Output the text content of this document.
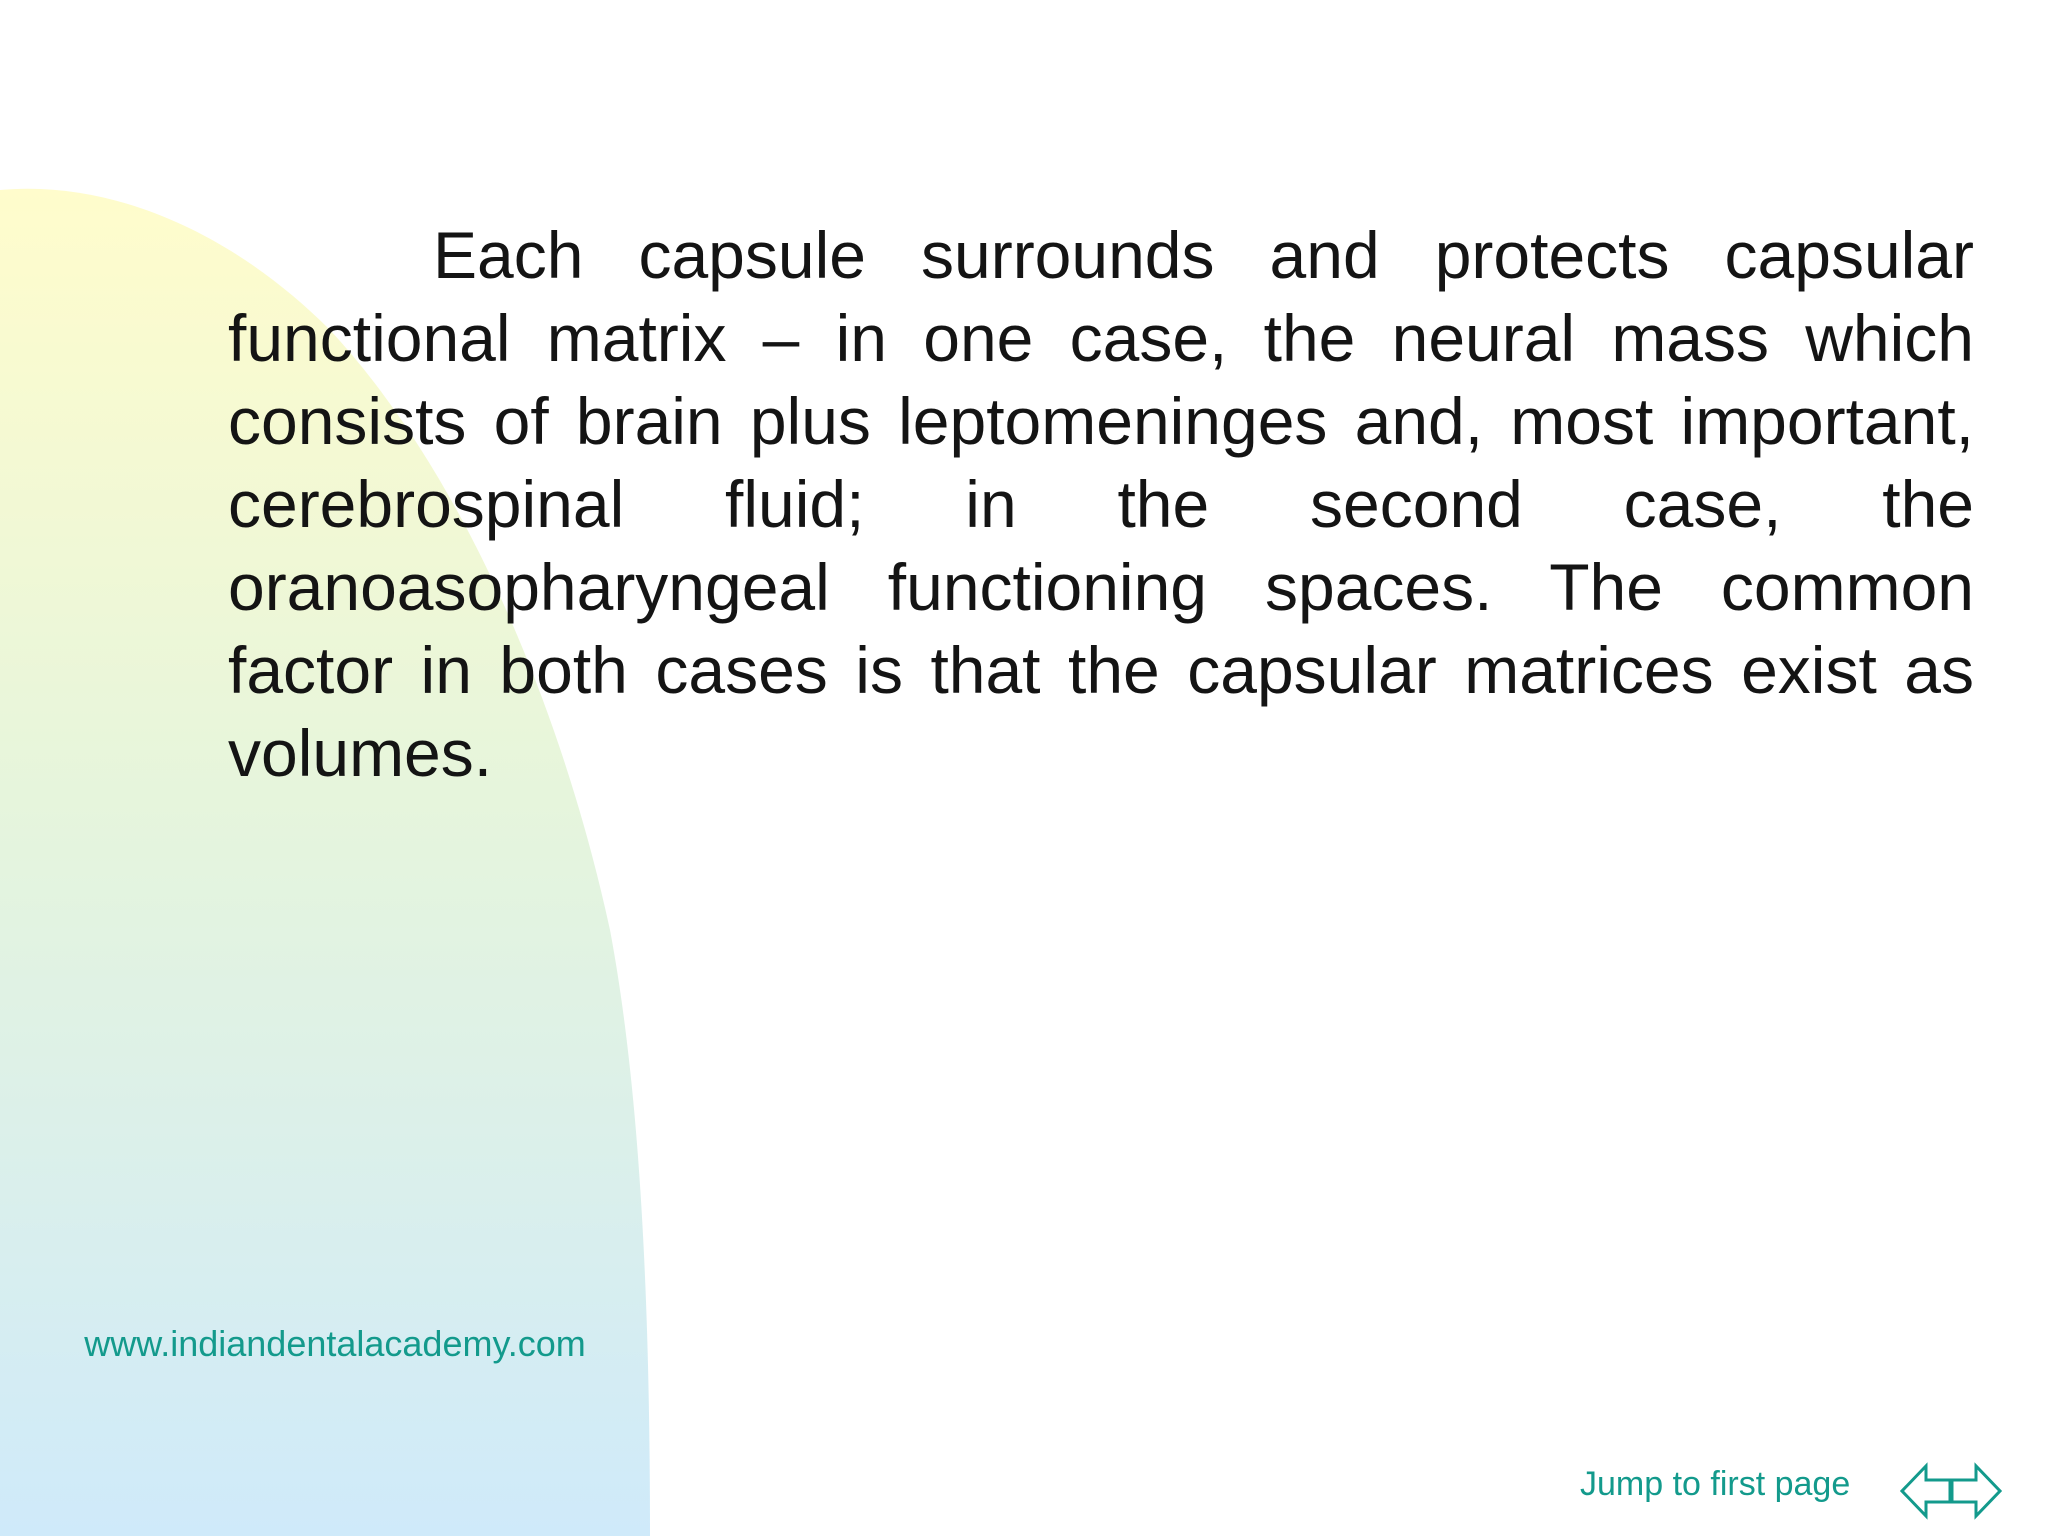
Each capsule surrounds and protects capsular functional matrix – in one case, the neural mass which consists of brain plus leptomeninges and, most important, cerebrospinal fluid; in the second case, the oranoasopharyngeal functioning spaces. The common factor in both cases is that the capsular matrices exist as volumes.

www.indiandentalacademy.com
Jump to first page
